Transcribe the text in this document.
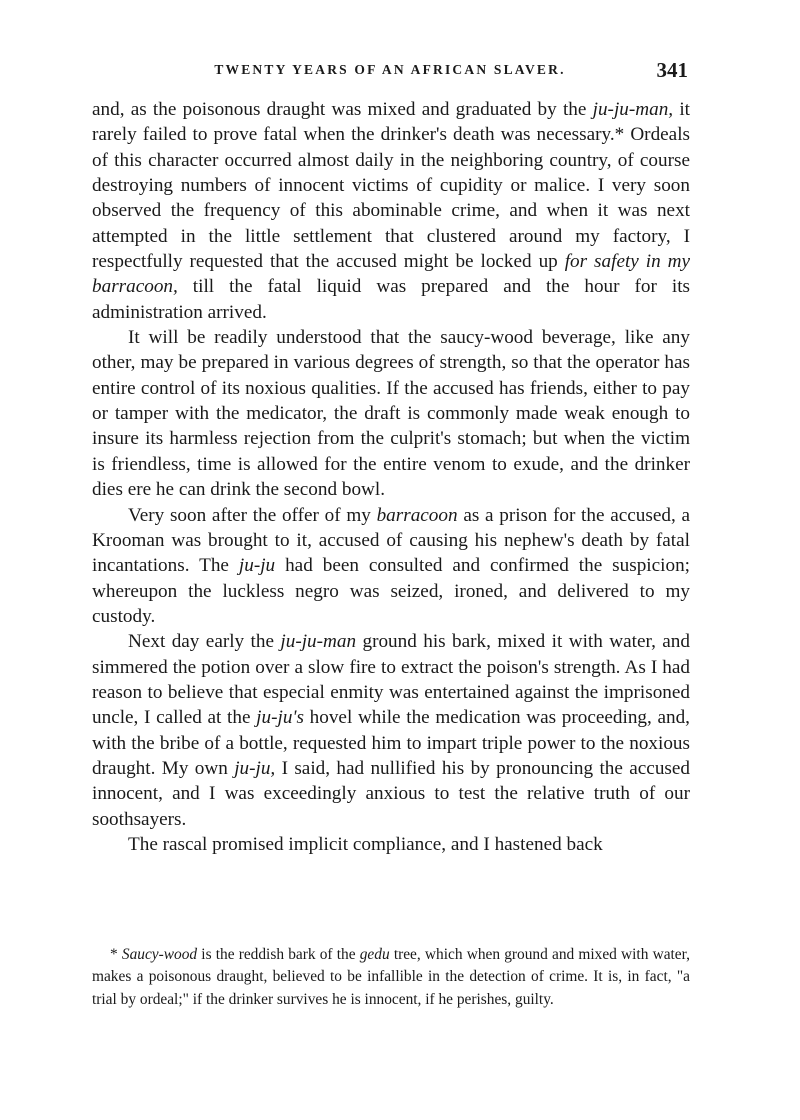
TWENTY YEARS OF AN AFRICAN SLAVER.	341

and, as the poisonous draught was mixed and graduated by the ju-ju-man, it rarely failed to prove fatal when the drinker's death was necessary.* Ordeals of this character occurred almost daily in the neighboring country, of course destroying numbers of innocent victims of cupidity or malice. I very soon observed the frequency of this abominable crime, and when it was next attempted in the little settlement that clustered around my factory, I respectfully requested that the accused might be locked up for safety in my barracoon, till the fatal liquid was prepared and the hour for its administration arrived.

It will be readily understood that the saucy-wood beverage, like any other, may be prepared in various degrees of strength, so that the operator has entire control of its noxious qualities. If the accused has friends, either to pay or tamper with the medicator, the draft is commonly made weak enough to insure its harmless rejection from the culprit's stomach; but when the victim is friendless, time is allowed for the entire venom to exude, and the drinker dies ere he can drink the second bowl.

Very soon after the offer of my barracoon as a prison for the accused, a Krooman was brought to it, accused of causing his nephew's death by fatal incantations. The ju-ju had been consulted and confirmed the suspicion; whereupon the luckless negro was seized, ironed, and delivered to my custody.

Next day early the ju-ju-man ground his bark, mixed it with water, and simmered the potion over a slow fire to extract the poison's strength. As I had reason to believe that especial enmity was entertained against the imprisoned uncle, I called at the ju-ju's hovel while the medication was proceeding, and, with the bribe of a bottle, requested him to impart triple power to the noxious draught. My own ju-ju, I said, had nullified his by pronouncing the accused innocent, and I was exceedingly anxious to test the relative truth of our soothsayers.

The rascal promised implicit compliance, and I hastened back

* Saucy-wood is the reddish bark of the gedu tree, which when ground and mixed with water, makes a poisonous draught, believed to be infallible in the detection of crime. It is, in fact, "a trial by ordeal;" if the drinker survives he is innocent, if he perishes, guilty.
